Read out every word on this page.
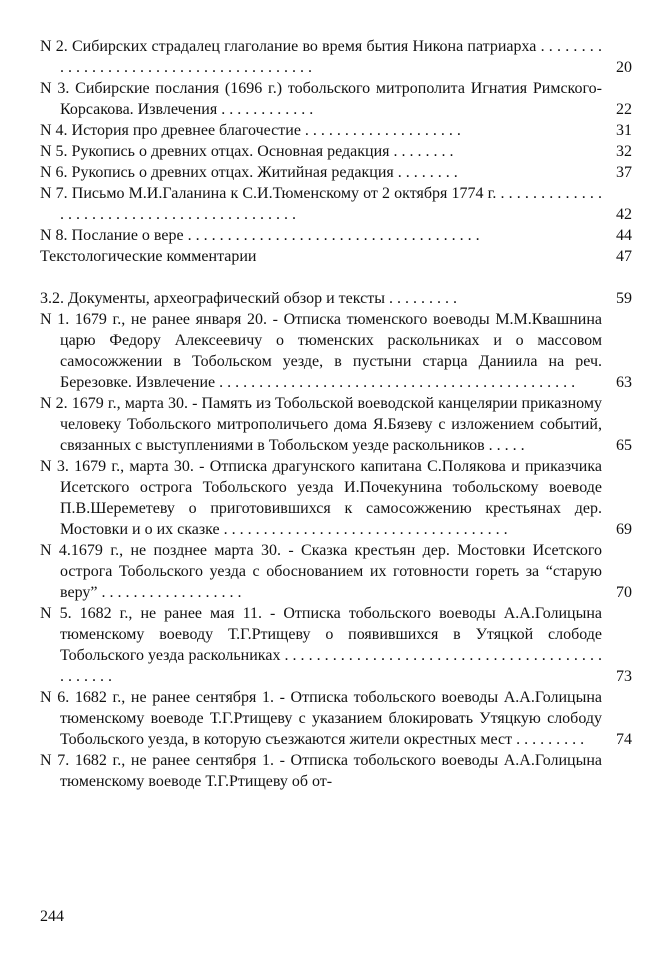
N 2. Сибирских страдалец глаголание во время бытия Никона патриарха . . . . . . . . . . . . . . . . . . . . . . . . . . . . . . . . . . . . . . . .	20
N 3. Сибирские послания (1696 г.) тобольского митрополита Игнатия Римского-Корсакова. Извлечения . . . . . . . . . . . .	22
N 4. История про древнее благочестие . . . . . . . . . . . . . . . . . . . .	31
N 5. Рукопись о древних отцах. Основная редакция . . . . . . . .	32
N 6. Рукопись о древних отцах. Житийная редакция . . . . . . . .	37
N 7. Письмо М.И.Галанина к С.И.Тюменскому от 2 октября 1774 г. . . . . . . . . . . . . . . . . . . . . . . . . . . . . . . . . . . . . . . . . . . .	42
N 8. Послание о вере . . . . . . . . . . . . . . . . . . . . . . . . . . . . . . . . . . . . .	44
Текстологические комментарии	47
3.2. Документы, археографический обзор и тексты . . . . . . . . .	59
N 1. 1679 г., не ранее января 20. - Отписка тюменского воеводы М.М.Квашнина царю Федору Алексеевичу о тюменских раскольниках и о массовом самосожжении в Тобольском уезде, в пустыни старца Даниила на реч. Березовке. Извлечение . . . . . . . . . . . . . . . . . . . . . . . . . . . . . . . . . . . . . . . . . . . . .	63
N 2. 1679 г., марта 30. - Память из Тобольской воеводской канцелярии приказному человеку Тобольского митрополичьего дома Я.Бязеву с изложением событий, связанных с выступлениями в Тобольском уезде раскольников . . . . .	65
N 3. 1679 г., марта 30. - Отписка драгунского капитана С.Полякова и приказчика Исетского острога Тобольского уезда И.Почекунина тобольскому воеводе П.В.Шереметеву о приготовившихся к самосожжению крестьянах дер. Мостовки и о их сказке . . . . . . . . . . . . . . . . . . . . . . . . . . . . . . . . . . . .	69
N 4.1679 г., не позднее марта 30. - Сказка крестьян дер. Мостовки Исетского острога Тобольского уезда с обоснованием их готовности гореть за “старую веру” . . . . . . . . . . . . . . . . . .	70
N 5. 1682 г., не ранее мая 11. - Отписка тобольского воеводы А.А.Голицына тюменскому воеводу Т.Г.Ртищеву о появившихся в Утяцкой слободе Тобольского уезда раскольниках . . . . . . . . . . . . . . . . . . . . . . . . . . . . . . . . . . . . . . . . . . . . . . .	73
N 6. 1682 г., не ранее сентября 1. - Отписка тобольского воеводы А.А.Голицына тюменскому воеводе Т.Г.Ртищеву с указанием блокировать Утяцкую слободу Тобольского уезда, в которую съезжаются жители окрестных мест . . . . . . . . .	74
N 7. 1682 г., не ранее сентября 1. - Отписка тобольского воеводы А.А.Голицына тюменскому воеводе Т.Г.Ртищеву об от-
244
